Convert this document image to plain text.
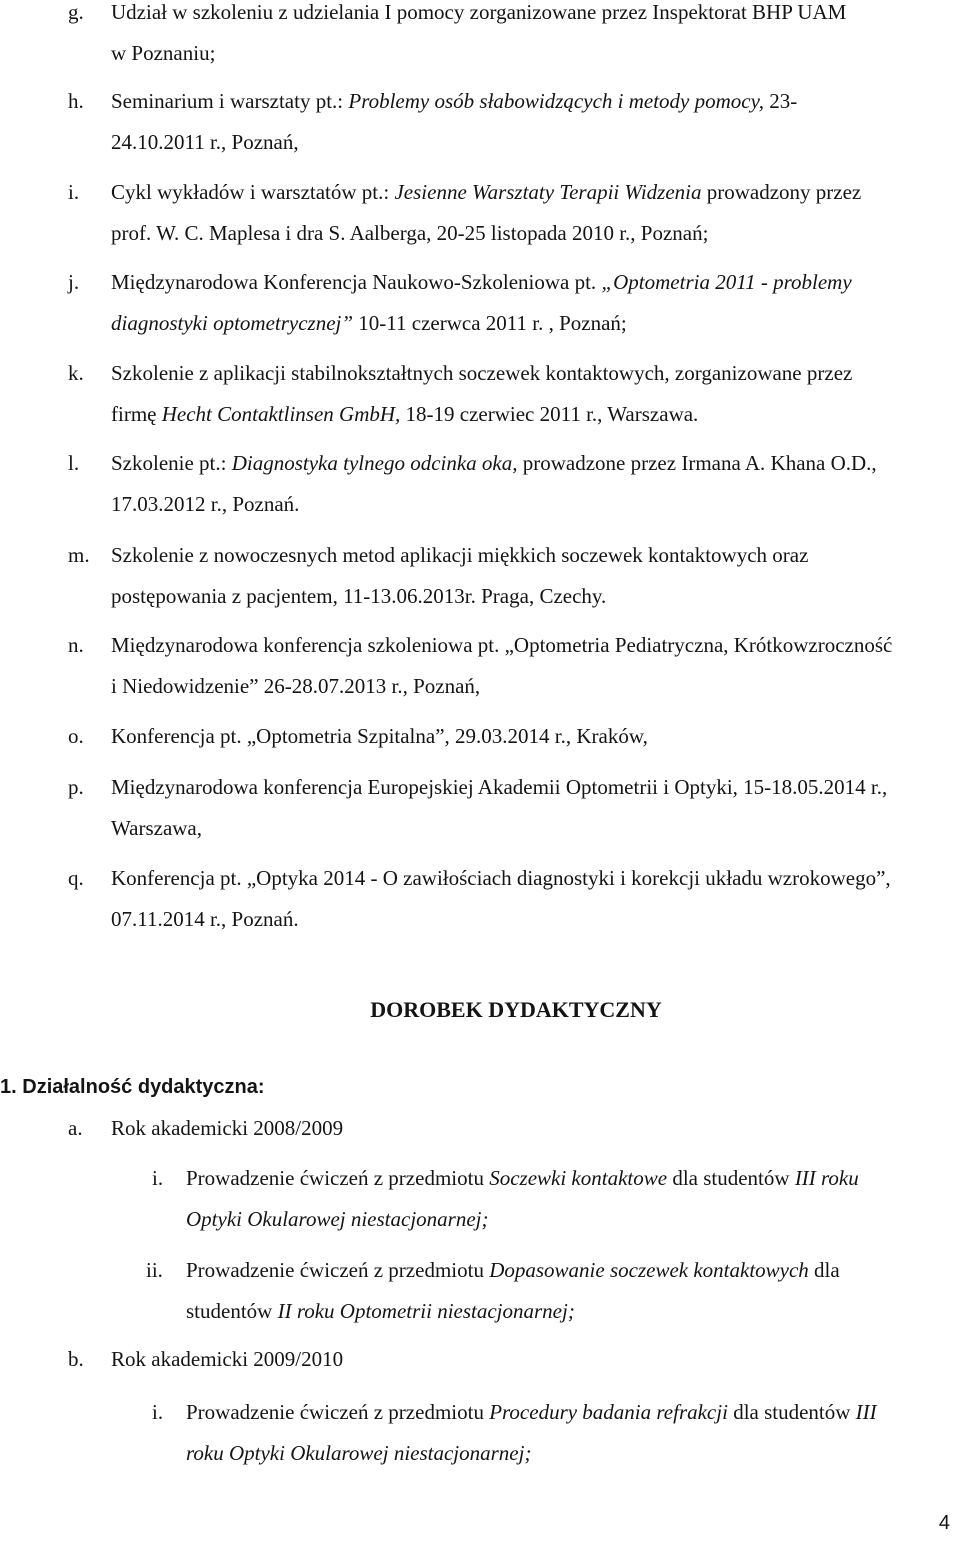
g. Udział w szkoleniu z udzielania I pomocy zorganizowane przez Inspektorat BHP UAM
w Poznaniu;
h. Seminarium i warsztaty pt.: Problemy osób słabowidzących i metody pomocy, 23-
24.10.2011 r., Poznań,
i. Cykl wykładów i warsztatów pt.: Jesienne Warsztaty Terapii Widzenia prowadzony przez
prof. W. C. Maplesa i dra S. Aalberga, 20-25 listopada 2010 r., Poznań;
j. Międzynarodowa Konferencja Naukowo-Szkoleniowa pt. „Optometria 2011 - problemy
diagnostyki optometrycznej” 10-11 czerwca 2011 r. , Poznań;
k. Szkolenie z aplikacji stabilnokształtnych soczewek kontaktowych, zorganizowane przez
firmę Hecht Contaktlinsen GmbH, 18-19 czerwiec 2011 r., Warszawa.
l. Szkolenie pt.: Diagnostyka tylnego odcinka oka, prowadzone przez Irmana A. Khana O.D.,
17.03.2012 r., Poznań.
m. Szkolenie z nowoczesnych metod aplikacji miękkich soczewek kontaktowych oraz
postępowania z pacjentem, 11-13.06.2013r. Praga, Czechy.
n. Międzynarodowa konferencja szkoleniowa pt. „Optometria Pediatryczna, Krótkowzroczność
i Niedowidzenie” 26-28.07.2013 r., Poznań,
o. Konferencja pt. „Optometria Szpitalna”, 29.03.2014 r., Kraków,
p. Międzynarodowa konferencja Europejskiej Akademii Optometrii i Optyki, 15-18.05.2014 r.,
Warszawa,
q. Konferencja pt. „Optyka 2014 - O zawiłościach diagnostyki i korekcji układu wzrokowego”,
07.11.2014 r., Poznań.
DOROBEK DYDAKTYCZNY
1. Działalność dydaktyczna:
a. Rok akademicki 2008/2009
i. Prowadzenie ćwiczeń z przedmiotu Soczewki kontaktowe dla studentów III roku
Optyki Okularowej niestacjonarnej;
ii. Prowadzenie ćwiczeń z przedmiotu Dopasowanie soczewek kontaktowych dla
studentów II roku Optometrii niestacjonarnej;
b. Rok akademicki 2009/2010
i. Prowadzenie ćwiczeń z przedmiotu Procedury badania refrakcji dla studentów III
roku Optyki Okularowej niestacjonarnej;
4
